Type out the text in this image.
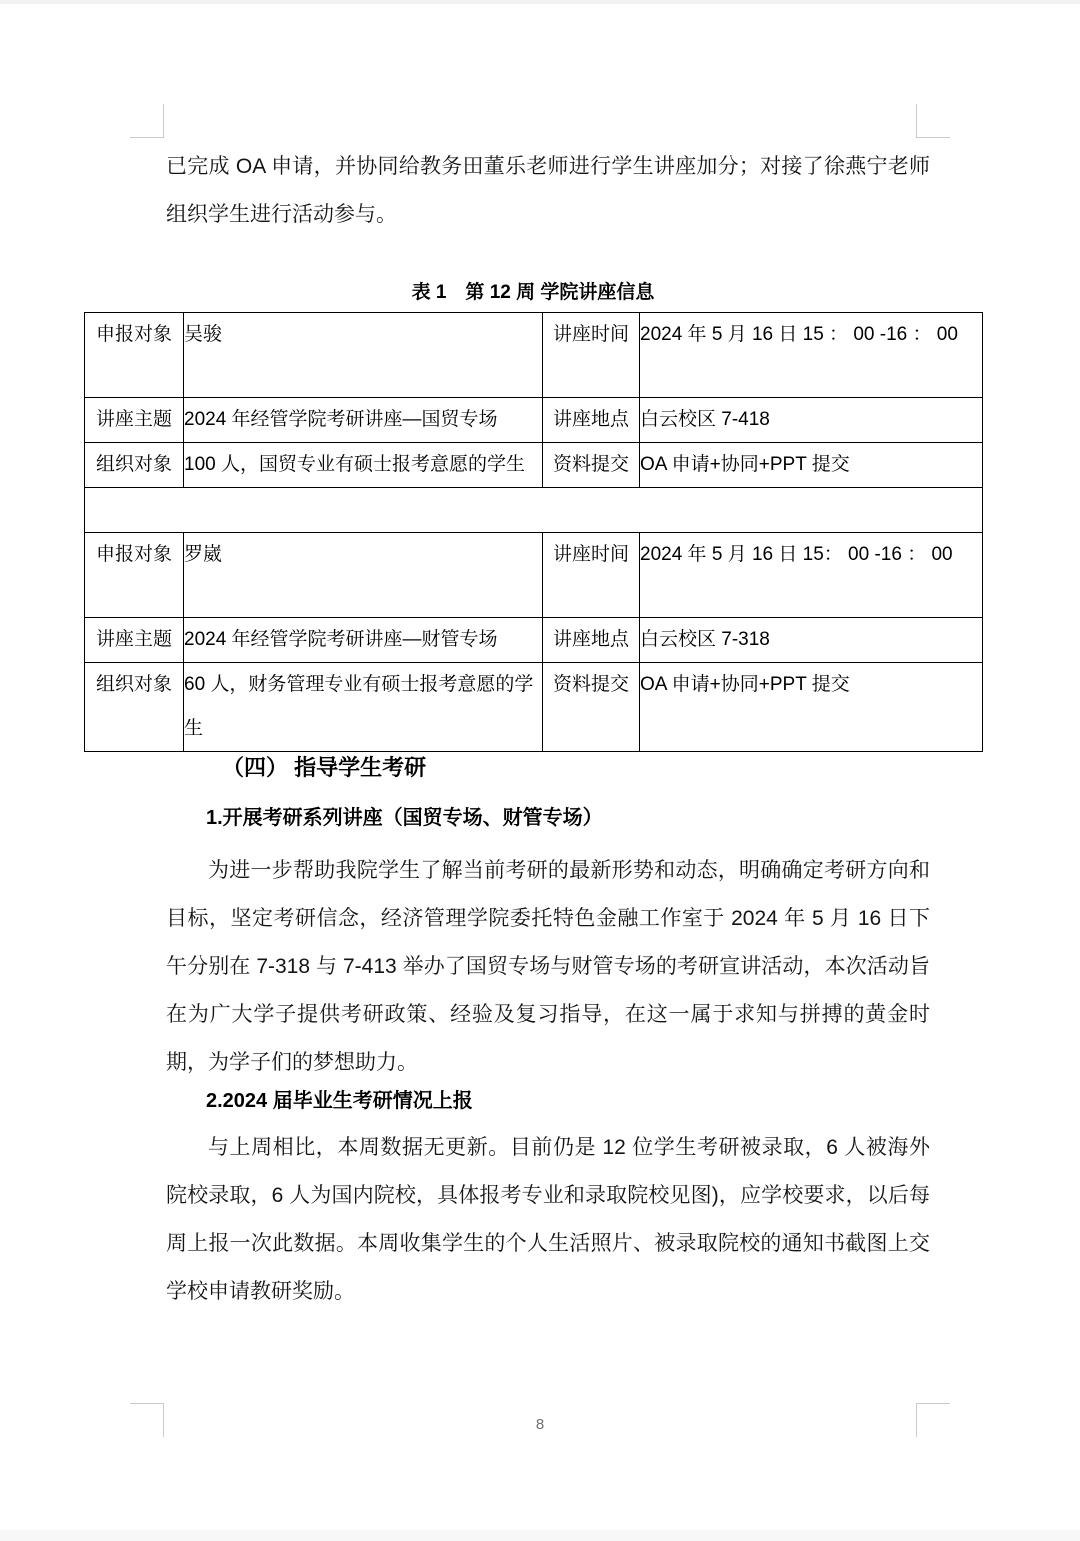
已完成 OA 申请，并协同给教务田董乐老师进行学生讲座加分；对接了徐燕宁老师组织学生进行活动参与。

表 1　第 12 周 学院讲座信息
申报对象	吴骏	讲座时间	2024 年 5 月 16 日 15 ： 00 -16 ： 00
讲座主题	2024 年经管学院考研讲座—国贸专场	讲座地点	白云校区 7-418
组织对象	100 人，国贸专业有硕士报考意愿的学生	资料提交	OA 申请+协同+PPT 提交

申报对象	罗崴	讲座时间	2024 年 5 月 16 日 15： 00 -16 ： 00
讲座主题	2024 年经管学院考研讲座—财管专场	讲座地点	白云校区 7-318
组织对象	60 人，财务管理专业有硕士报考意愿的学生	资料提交	OA 申请+协同+PPT 提交
（四） 指导学生考研
1.开展考研系列讲座（国贸专场、财管专场）

为进一步帮助我院学生了解当前考研的最新形势和动态，明确确定考研方向和目标，坚定考研信念，经济管理学院委托特色金融工作室于 2024 年 5 月 16 日下午分别在 7-318 与 7-413 举办了国贸专场与财管专场的考研宣讲活动，本次活动旨在为广大学子提供考研政策、经验及复习指导，在这一属于求知与拼搏的黄金时期，为学子们的梦想助力。

2.2024 届毕业生考研情况上报

与上周相比，本周数据无更新。目前仍是 12 位学生考研被录取，6 人被海外院校录取，6 人为国内院校，具体报考专业和录取院校见图)，应学校要求，以后每周上报一次此数据。本周收集学生的个人生活照片、被录取院校的通知书截图上交学校申请教研奖励。

8
